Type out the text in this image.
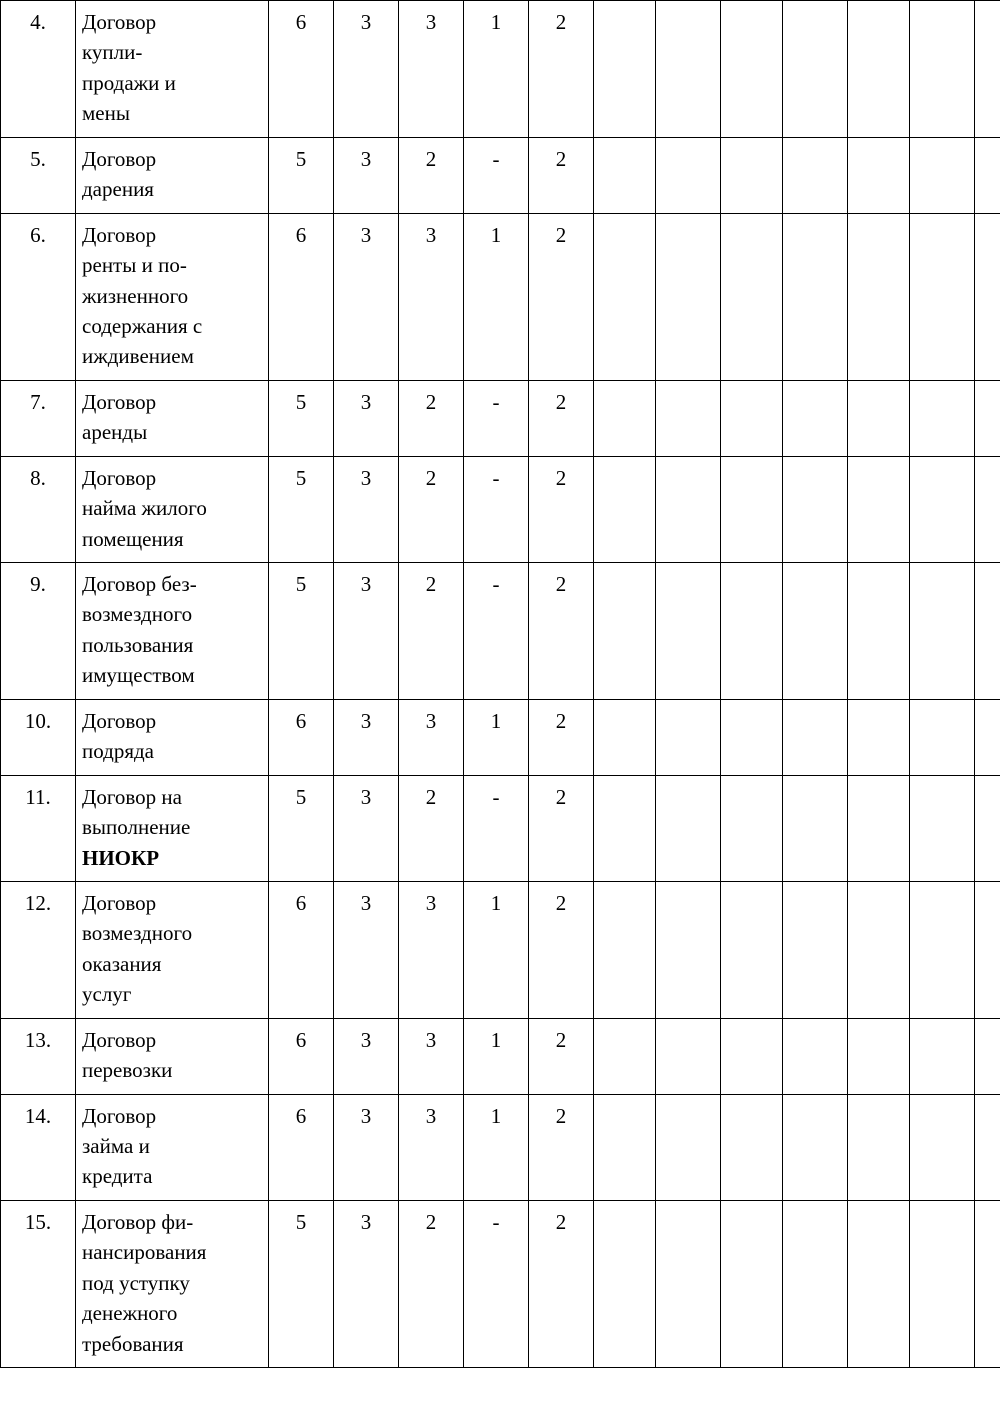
4.	Договор
купли-
продажи и
мены	6	3	3	1	2								
5.	Договор
дарения	5	3	2	-	2								
6.	Договор
ренты и по-
жизненного
содержания с
иждивением	6	3	3	1	2								
7.	Договор
аренды	5	3	2	-	2								
8.	Договор
найма жилого
помещения	5	3	2	-	2								
9.	Договор без-
возмездного
пользования
имуществом	5	3	2	-	2								
10.	Договор
подряда	6	3	3	1	2								
11.	Договор на
выполнение
НИОКР	5	3	2	-	2								
12.	Договор
возмездного
оказания
услуг	6	3	3	1	2								
13.	Договор
перевозки	6	3	3	1	2								
14.	Договор
займа и
кредита	6	3	3	1	2								
15.	Договор фи-
нансирования
под уступку
денежного
требования	5	3	2	-	2								
